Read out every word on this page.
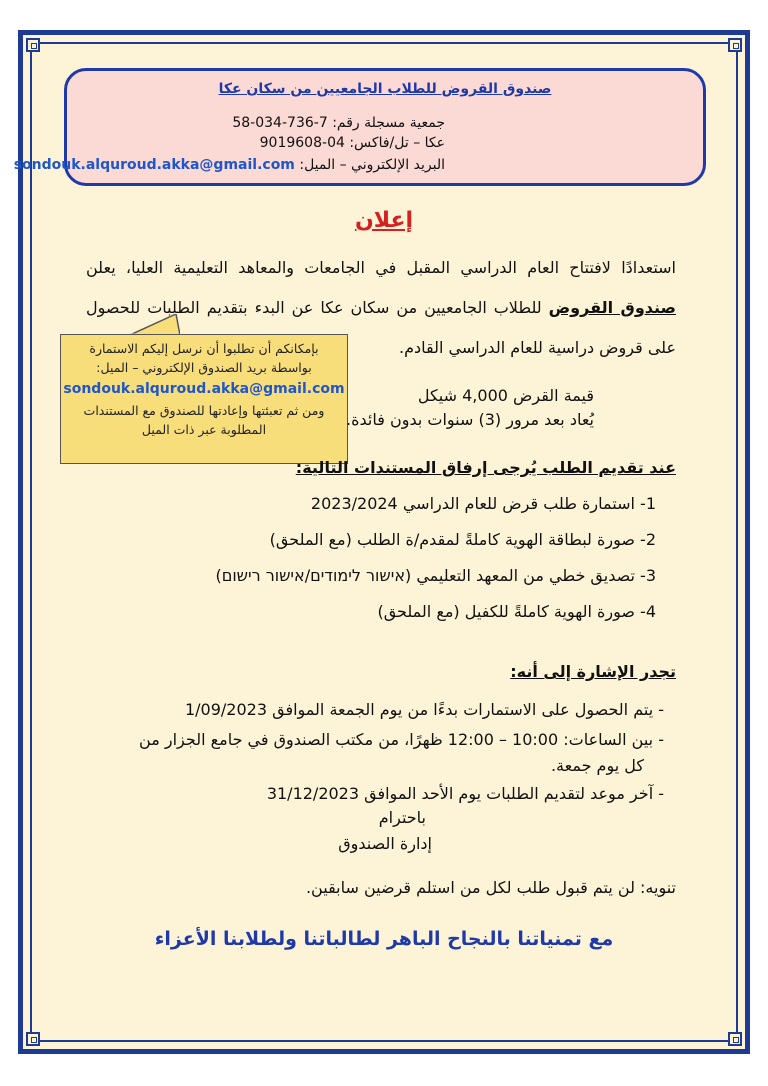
صندوق القروض للطلاب الجامعيين من سكان عكا
جمعية مسجلة رقم: 7-736-034-58
عكا – تل/فاكس: 04-9019608
البريد الإلكتروني – الميل: sondouk.alquroud.akka@gmail.com
إعلان
استعدادًا لافتتاح العام الدراسي المقبل في الجامعات والمعاهد التعليمية العليا، يعلن صندوق القروض للطلاب الجامعيين من سكان عكا عن البدء بتقديم الطلبات للحصول على قروض دراسية للعام الدراسي القادم.
بإمكانكم أن تطلبوا أن نرسل إليكم الاستمارة
بواسطة بريد الصندوق الإلكتروني – الميل:
sondouk.alquroud.akka@gmail.com
ومن ثم تعبئتها وإعادتها للصندوق مع المستندات
المطلوبة عبر ذات الميل
قيمة القرض 4,000 شيكل
يُعاد بعد مرور (3) سنوات بدون فائدة.
عند تقديم الطلب يُرجى إرفاق المستندات التالية:
1- استمارة طلب قرض للعام الدراسي 2023/2024
2- صورة لبطاقة الهوية كاملةً لمقدم/ة الطلب (مع الملحق)
3- تصديق خطي من المعهد التعليمي (אישור לימודים/אישור רישום)
4- صورة الهوية كاملةً للكفيل (مع الملحق)
تجدر الإشارة إلى أنه:
- يتم الحصول على الاستمارات بدءًا من يوم الجمعة الموافق 1/09/2023
- بين الساعات: 10:00 – 12:00 ظهرًا، من مكتب الصندوق في جامع الجزار من
كل يوم جمعة.
- آخر موعد لتقديم الطلبات يوم الأحد الموافق 31/12/2023
باحترام
إدارة الصندوق
تنويه: لن يتم قبول طلب لكل من استلم قرضين سابقين.
مع تمنياتنا بالنجاح الباهر لطالباتنا ولطلابنا الأعزاء
